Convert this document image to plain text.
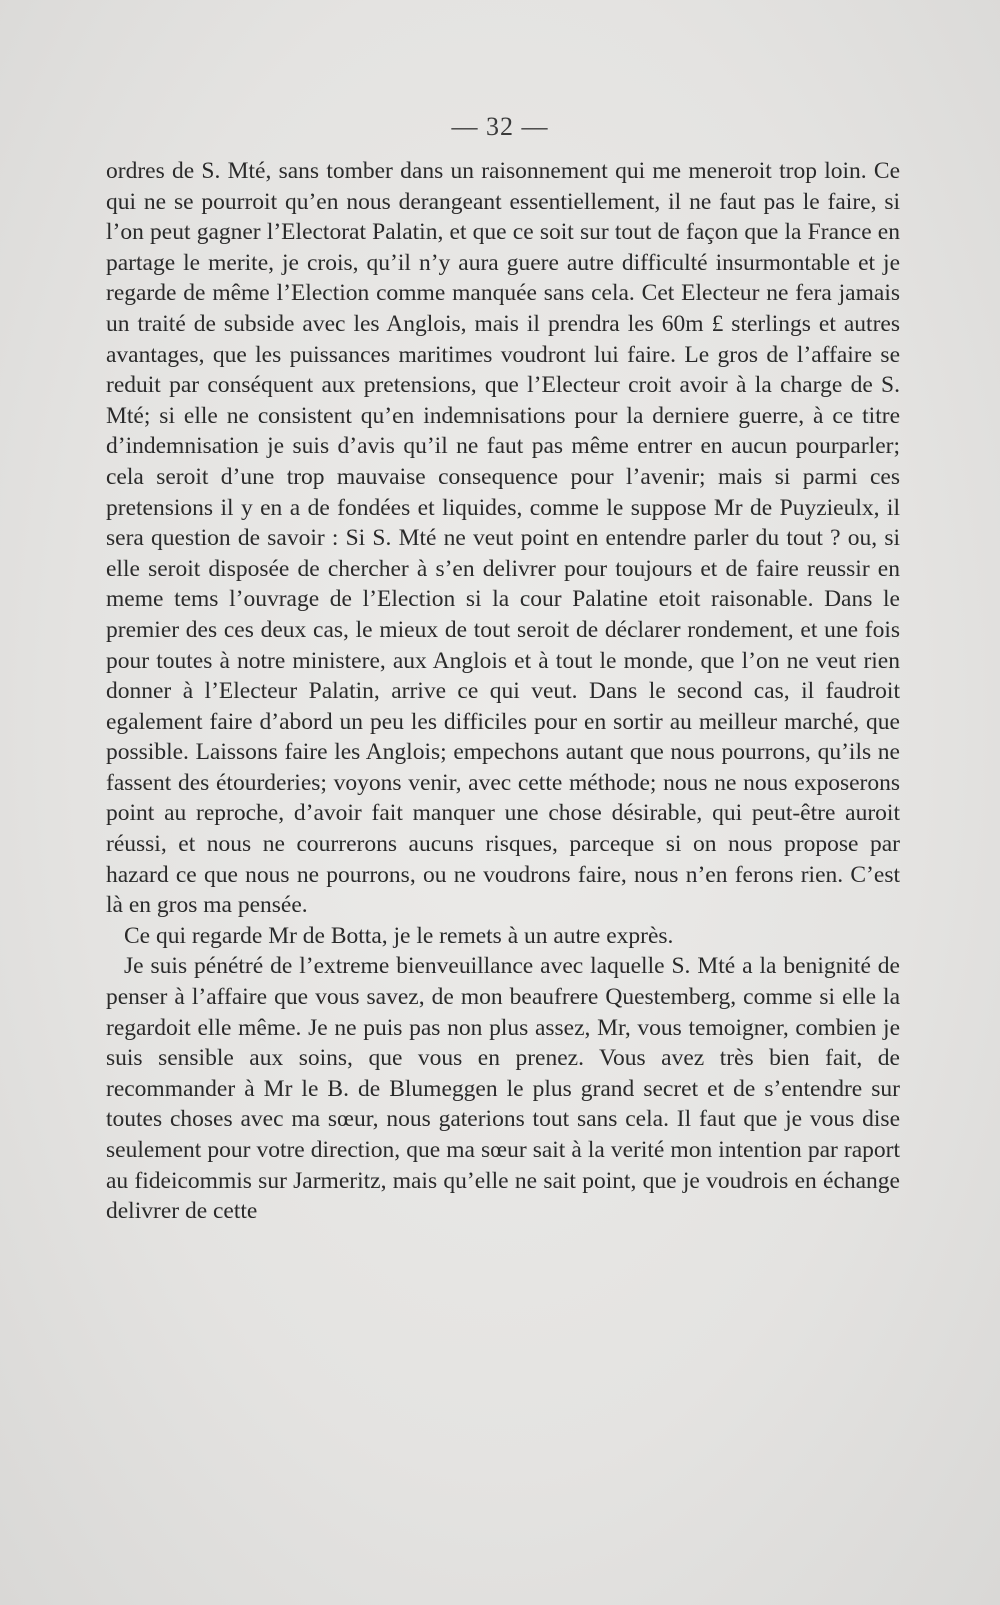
— 32 —

ordres de S. Mté, sans tomber dans un raisonnement qui me meneroit trop loin. Ce qui ne se pourroit qu’en nous derangeant essentiellement, il ne faut pas le faire, si l’on peut gagner l’Electorat Palatin, et que ce soit sur tout de façon que la France en partage le merite, je crois, qu’il n’y aura guere autre difficulté insurmontable et je regarde de même l’Election comme manquée sans cela. Cet Electeur ne fera jamais un traité de subside avec les Anglois, mais il prendra les 60m £ sterlings et autres avantages, que les puissances maritimes voudront lui faire. Le gros de l’affaire se reduit par conséquent aux pretensions, que l’Electeur croit avoir à la charge de S. Mté; si elle ne consistent qu’en indemnisations pour la derniere guerre, à ce titre d’indemnisation je suis d’avis qu’il ne faut pas même entrer en aucun pourparler; cela seroit d’une trop mauvaise consequence pour l’avenir; mais si parmi ces pretensions il y en a de fondées et liquides, comme le suppose Mr de Puyzieulx, il sera question de savoir : Si S. Mté ne veut point en entendre parler du tout ? ou, si elle seroit disposée de chercher à s’en delivrer pour toujours et de faire reussir en meme tems l’ouvrage de l’Election si la cour Palatine etoit raisonable. Dans le premier des ces deux cas, le mieux de tout seroit de déclarer rondement, et une fois pour toutes à notre ministere, aux Anglois et à tout le monde, que l’on ne veut rien donner à l’Electeur Palatin, arrive ce qui veut. Dans le second cas, il faudroit egalement faire d’abord un peu les difficiles pour en sortir au meilleur marché, que possible. Laissons faire les Anglois; empechons autant que nous pourrons, qu’ils ne fassent des étourderies; voyons venir, avec cette méthode; nous ne nous exposerons point au reproche, d’avoir fait manquer une chose désirable, qui peut-être auroit réussi, et nous ne courrerons aucuns risques, parceque si on nous propose par hazard ce que nous ne pourrons, ou ne voudrons faire, nous n’en ferons rien. C’est là en gros ma pensée.

Ce qui regarde Mr de Botta, je le remets à un autre exprès.

Je suis pénétré de l’extreme bienveuillance avec laquelle S. Mté a la benignité de penser à l’affaire que vous savez, de mon beaufrere Questemberg, comme si elle la regardoit elle même. Je ne puis pas non plus assez, Mr, vous temoigner, combien je suis sensible aux soins, que vous en prenez. Vous avez très bien fait, de recommander à Mr le B. de Blumeggen le plus grand secret et de s’entendre sur toutes choses avec ma sœur, nous gaterions tout sans cela. Il faut que je vous dise seulement pour votre direction, que ma sœur sait à la verité mon intention par raport au fideicommis sur Jarmeritz, mais qu’elle ne sait point, que je voudrois en échange delivrer de cette
